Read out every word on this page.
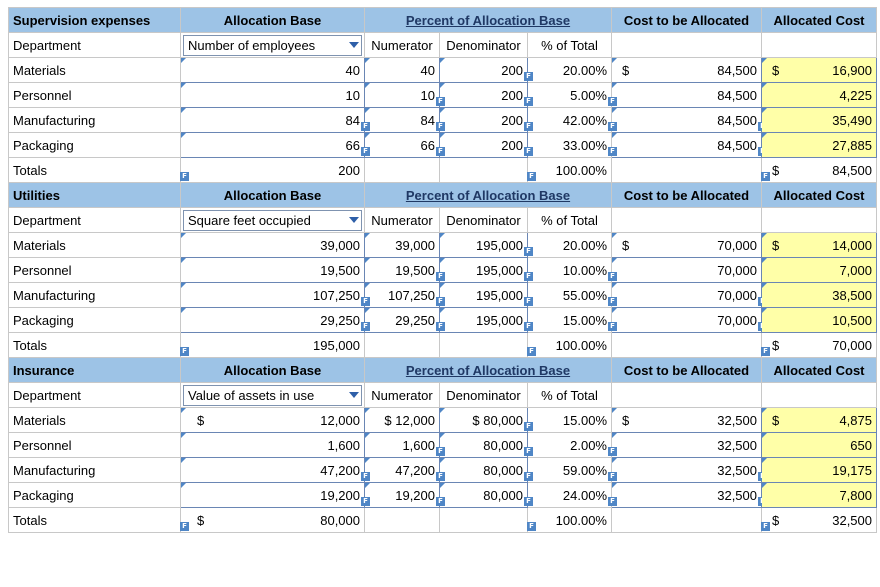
Supervision expenses	Allocation Base	Percent of Allocation Base			Cost to be Allocated	Allocated Cost
Department	Number of employees	Numerator	Denominator	% of Total		
Materials	40	40	200 F	20.00%	$ 84,500	$ 16,900
Personnel	10	10 F	200 F	5.00% F	84,500	4,225
Manufacturing	84 F	84 F	200 F	42.00% F	84,500	35,490
Packaging	66 F	66 F	200 F	33.00% F	84,500	27,885
Totals	F 200			F 100.00%		F $ 84,500
Utilities	Allocation Base	Percent of Allocation Base			Cost to be Allocated	Allocated Cost
Department	Square feet occupied	Numerator	Denominator	% of Total		
Materials	39,000	39,000	195,000 F	20.00%	$ 70,000	$ 14,000
Personnel	19,500	19,500 F	195,000 F	10.00% F	70,000	7,000
Manufacturing	107,250 F	107,250 F	195,000 F	55.00% F	70,000	38,500
Packaging	29,250 F	29,250 F	195,000 F	15.00% F	70,000	10,500
Totals	F 195,000			F 100.00%		F $ 70,000
Insurance	Allocation Base	Percent of Allocation Base			Cost to be Allocated	Allocated Cost
Department	Value of assets in use	Numerator	Denominator	% of Total		
Materials	$ 12,000	$ 12,000	$ 80,000 F	15.00%	$ 32,500	$ 4,875
Personnel	1,600	1,600 F	80,000 F	2.00% F	32,500	650
Manufacturing	47,200 F	47,200 F	80,000 F	59.00% F	32,500	19,175
Packaging	19,200 F	19,200 F	80,000 F	24.00% F	32,500	7,800
Totals	F $ 80,000			F 100.00%		F $ 32,500
